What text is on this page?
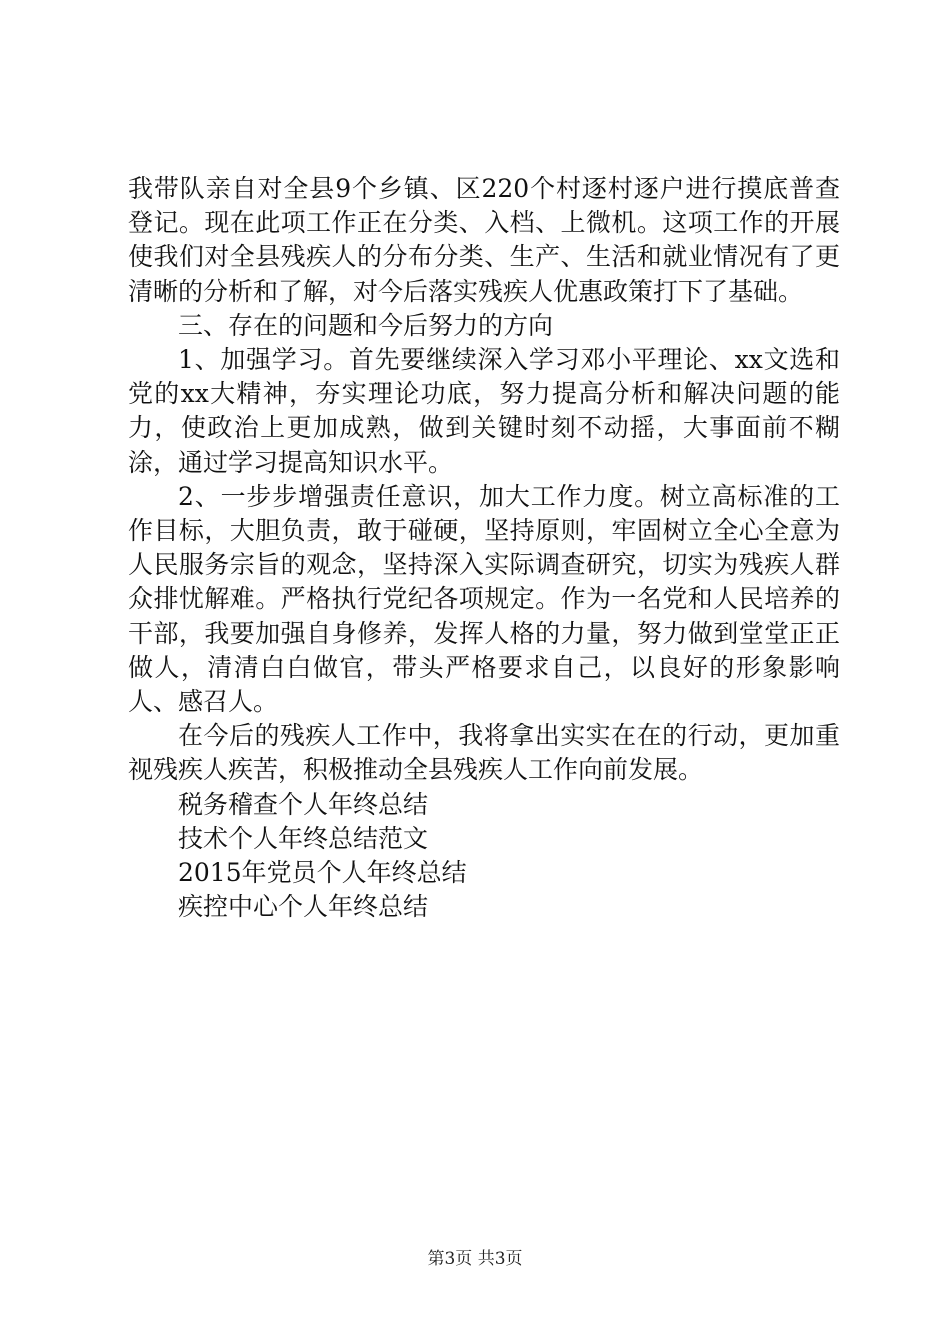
我带队亲自对全县9个乡镇、区220个村逐村逐户进行摸底普查登记。现在此项工作正在分类、入档、上微机。这项工作的开展使我们对全县残疾人的分布分类、生产、生活和就业情况有了更清晰的分析和了解，对今后落实残疾人优惠政策打下了基础。

三、存在的问题和今后努力的方向

1、加强学习。首先要继续深入学习邓小平理论、xx文选和党的xx大精神，夯实理论功底，努力提高分析和解决问题的能力，使政治上更加成熟，做到关键时刻不动摇，大事面前不糊涂，通过学习提高知识水平。

2、一步步增强责任意识，加大工作力度。树立高标准的工作目标，大胆负责，敢于碰硬，坚持原则，牢固树立全心全意为人民服务宗旨的观念，坚持深入实际调查研究，切实为残疾人群众排忧解难。严格执行党纪各项规定。作为一名党和人民培养的干部，我要加强自身修养，发挥人格的力量，努力做到堂堂正正做人，清清白白做官，带头严格要求自己，以良好的形象影响人、感召人。

在今后的残疾人工作中，我将拿出实实在在的行动，更加重视残疾人疾苦，积极推动全县残疾人工作向前发展。

税务稽查个人年终总结

技术个人年终总结范文

2015年党员个人年终总结

疾控中心个人年终总结

第3页 共3页
